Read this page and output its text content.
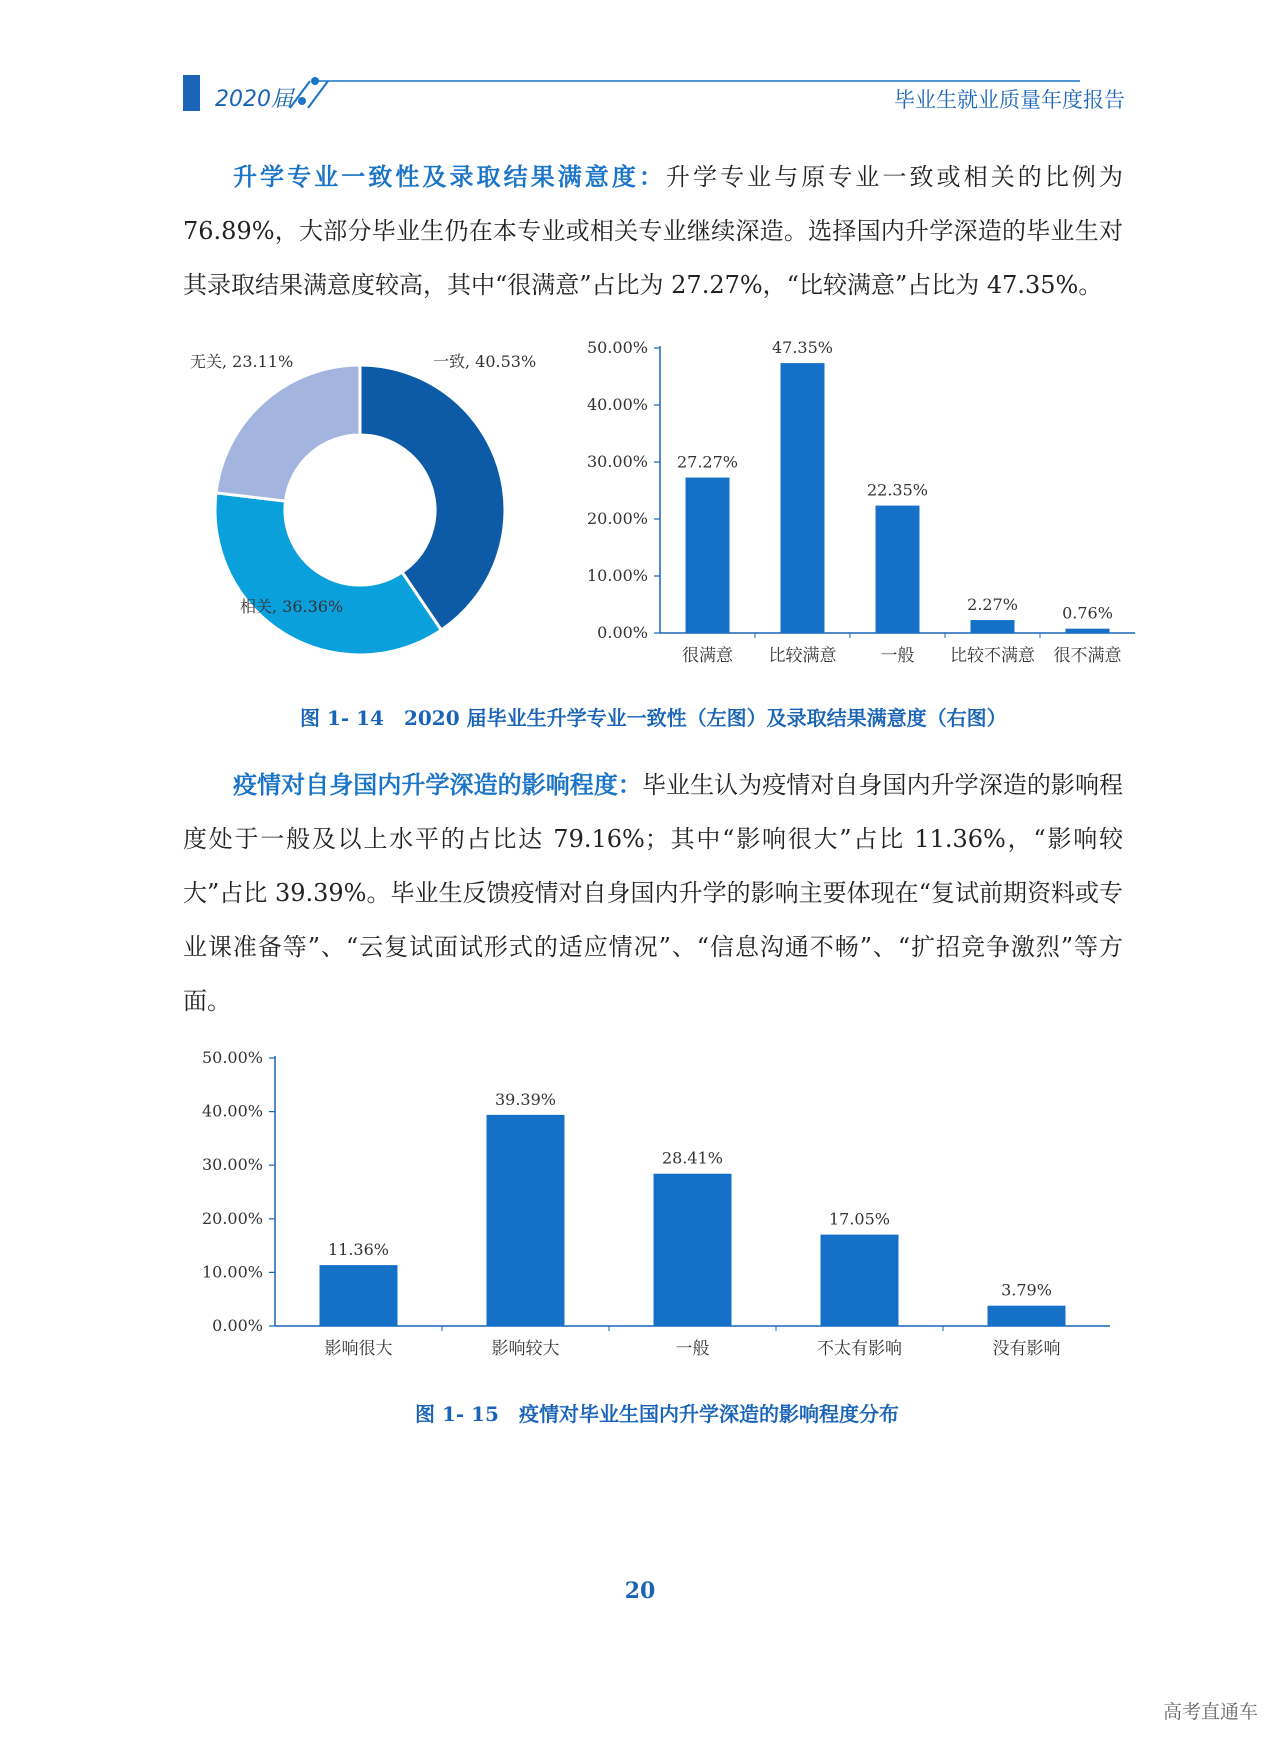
2020届	毕业生就业质量年度报告

升学专业一致性及录取结果满意度：升学专业与原专业一致或相关的比例为76.89%，大部分毕业生仍在本专业或相关专业继续深造。选择国内升学深造的毕业生对其录取结果满意度较高，其中“很满意”占比为 27.27%，“比较满意”占比为 47.35%。

一致, 40.53%
相关, 36.36%
无关, 23.11%
0.00%
10.00%
20.00%
30.00%
40.00%
50.00%
27.27%
很满意
47.35%
比较满意
22.35%
一般
2.27%
比较不满意
0.76%
很不满意
图 1- 14　2020 届毕业生升学专业一致性（左图）及录取结果满意度（右图）

疫情对自身国内升学深造的影响程度：毕业生认为疫情对自身国内升学深造的影响程度处于一般及以上水平的占比达 79.16%；其中“影响很大”占比 11.36%，“影响较大”占比 39.39%。毕业生反馈疫情对自身国内升学的影响主要体现在“复试前期资料或专业课准备等”、“云复试面试形式的适应情况”、“信息沟通不畅”、“扩招竞争激烈”等方面。

0.00%
10.00%
20.00%
30.00%
40.00%
50.00%
11.36%
影响很大
39.39%
影响较大
28.41%
一般
17.05%
不太有影响
3.79%
没有影响
图 1- 15　疫情对毕业生国内升学深造的影响程度分布
20
高考直通车
